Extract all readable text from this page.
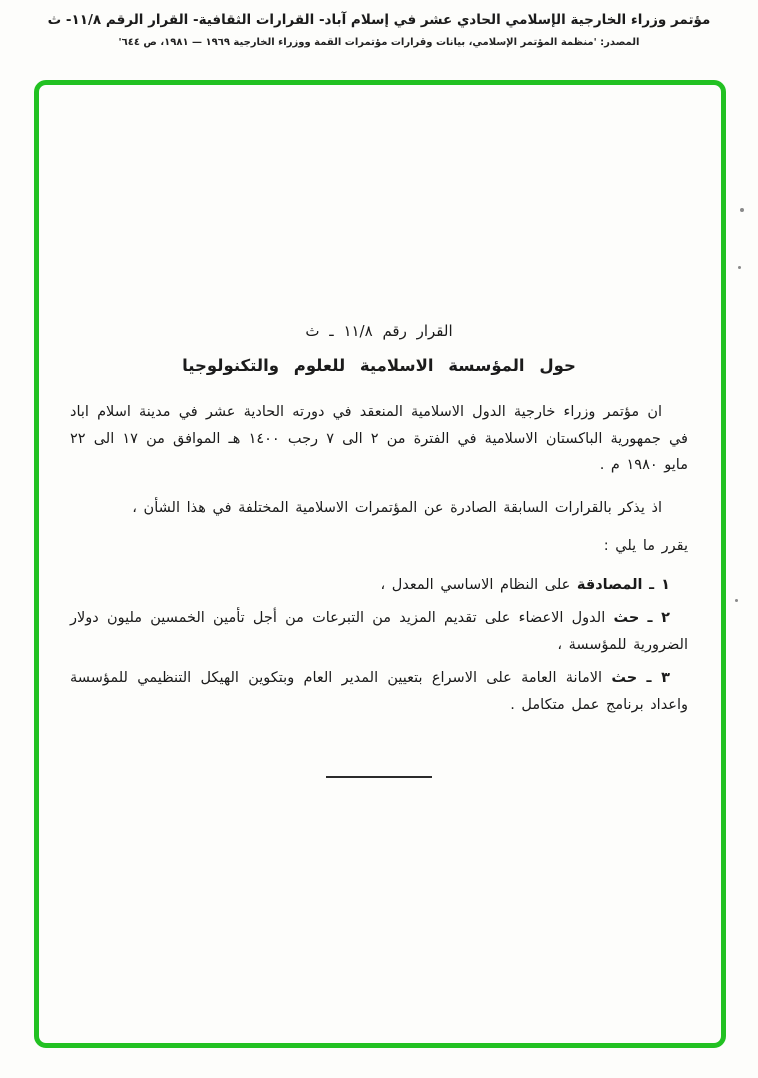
مؤتمر وزراء الخارجية الإسلامي الحادي عشر في إسلام آباد- القرارات الثقافية- القرار الرقم ١١/٨- ث
المصدر: 'منظمة المؤتمر الإسلامي، بيانات وقرارات مؤتمرات القمة ووزراء الخارجية ١٩٦٩ — ١٩٨١، ص ٦٤٤'

القرار رقم ١١/٨ ـ ث

حول المؤسسة الاسلامية للعلوم والتكنولوجيا

ان مؤتمر وزراء خارجية الدول الاسلامية المنعقد في دورته الحادية عشر في مدينة اسلام اباد في جمهورية الباكستان الاسلامية في الفترة من ٢ الى ٧ رجب ١٤٠٠ هـ الموافق من ١٧ الى ٢٢ مايو ١٩٨٠ م .

اذ يذكر بالقرارات السابقة الصادرة عن المؤتمرات الاسلامية المختلفة في هذا الشأن ،

يقرر ما يلي :

١ ـ المصادقة على النظام الاساسي المعدل ،

٢ ـ حث الدول الاعضاء على تقديم المزيد من التبرعات من أجل تأمين الخمسين مليون دولار الضرورية للمؤسسة ،

٣ ـ حث الامانة العامة على الاسراع بتعيين المدير العام وبتكوين الهيكل التنظيمي للمؤسسة واعداد برنامج عمل متكامل .
